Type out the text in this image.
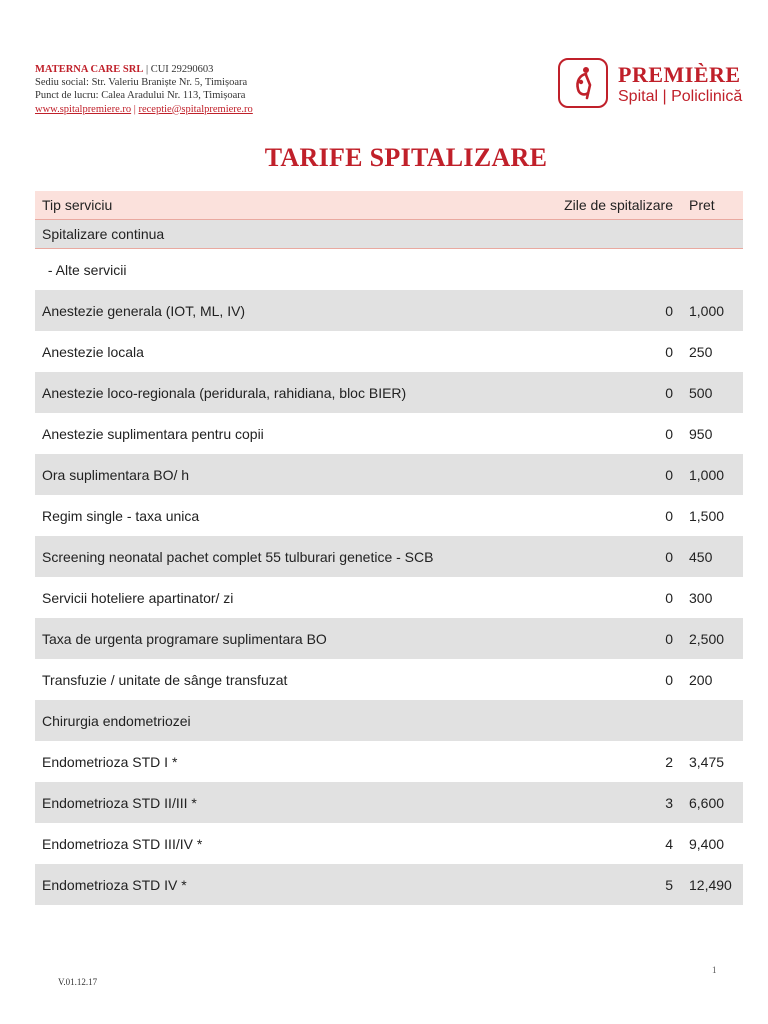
MATERNA CARE SRL | CUI 29290603
Sediu social: Str. Valeriu Braniște Nr. 5, Timișoara
Punct de lucru: Calea Aradului Nr. 113, Timișoara
www.spitalpremiere.ro | receptie@spitalpremiere.ro
PREMIÈRE
Spital | Policlinică
TARIFE SPITALIZARE
Tip serviciu	Zile de spitalizare	Pret
Spitalizare continua
- Alte servicii
Anestezie generala (IOT, ML, IV)	0	1,000
Anestezie locala	0	250
Anestezie loco-regionala (peridurala, rahidiana, bloc BIER)	0	500
Anestezie suplimentara pentru copii	0	950
Ora suplimentara BO/ h	0	1,000
Regim single - taxa unica	0	1,500
Screening neonatal pachet complet 55 tulburari genetice - SCB	0	450
Servicii hoteliere apartinator/ zi	0	300
Taxa de urgenta programare suplimentara BO	0	2,500
Transfuzie / unitate de sânge transfuzat	0	200
Chirurgia endometriozei
Endometrioza STD I *	2	3,475
Endometrioza STD II/III *	3	6,600
Endometrioza STD III/IV *	4	9,400
Endometrioza STD IV *	5	12,490
1
V.01.12.17
